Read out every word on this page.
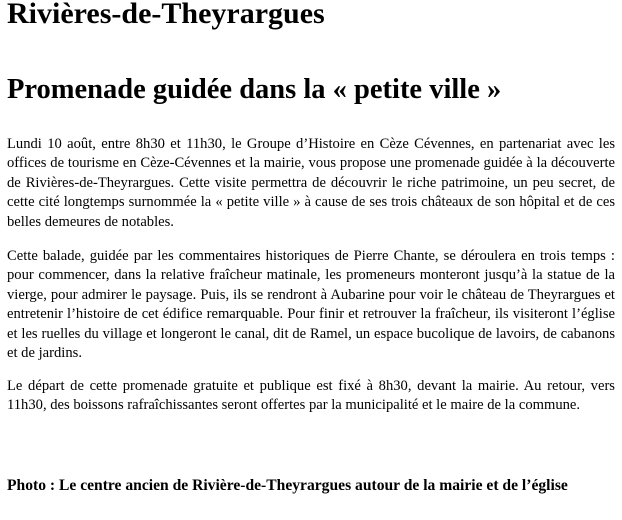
Rivières-de-Theyrargues
Promenade guidée dans la « petite ville »

Lundi 10 août, entre 8h30 et 11h30, le Groupe d’Histoire en Cèze Cévennes, en partenariat avec les offices de tourisme en Cèze-Cévennes et la mairie, vous propose une promenade guidée à la découverte de Rivières-de-Theyrargues. Cette visite permettra de découvrir le riche patrimoine, un peu secret, de cette cité longtemps surnommée la « petite ville » à cause de ses trois châteaux de son hôpital et de ces belles demeures de notables.

Cette balade, guidée par les commentaires historiques de Pierre Chante, se déroulera en trois temps : pour commencer, dans la relative fraîcheur matinale, les promeneurs monteront jusqu’à la statue de la vierge, pour admirer le paysage. Puis, ils se rendront à Aubarine pour voir le château de Theyrargues et entretenir l’histoire de cet édifice remarquable. Pour finir et retrouver la fraîcheur, ils visiteront l’église et les ruelles du village et longeront le canal, dit de Ramel, un espace bucolique de lavoirs, de cabanons et de jardins.

Le départ de cette promenade gratuite et publique est fixé à 8h30, devant la mairie. Au retour, vers 11h30, des boissons rafraîchissantes seront offertes par la municipalité et le maire de la commune.

Photo : Le centre ancien de Rivière-de-Theyrargues autour de la mairie et de l’église
